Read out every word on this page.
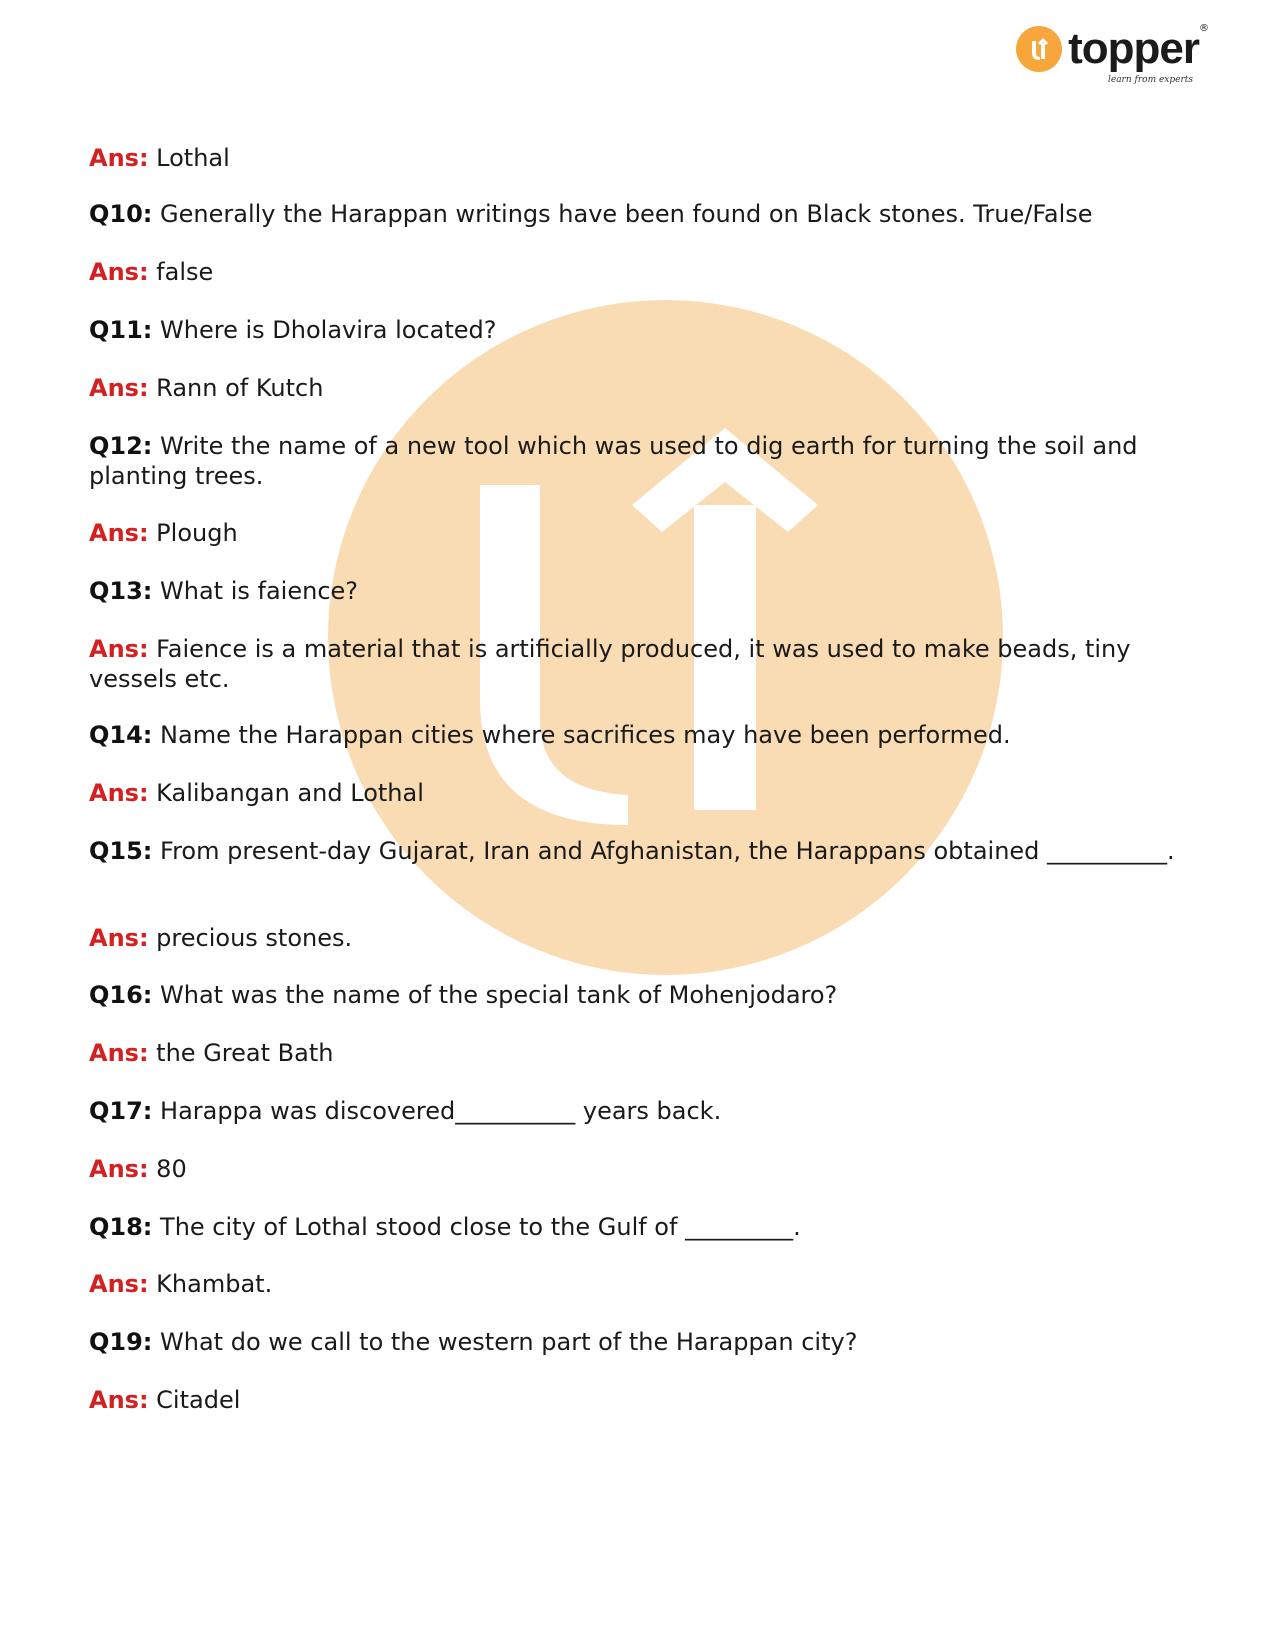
topper ®
learn from experts

Ans: Lothal

Q10: Generally the Harappan writings have been found on Black stones. True/False

Ans: false

Q11: Where is Dholavira located?

Ans: Rann of Kutch

Q12: Write the name of a new tool which was used to dig earth for turning the soil and planting trees.

Ans: Plough

Q13: What is faience?

Ans: Faience is a material that is artificially produced, it was used to make beads, tiny vessels etc.

Q14: Name the Harappan cities where sacrifices may have been performed.

Ans: Kalibangan and Lothal

Q15: From present-day Gujarat, Iran and Afghanistan, the Harappans obtained __________.

Ans: precious stones.

Q16: What was the name of the special tank of Mohenjodaro?

Ans: the Great Bath

Q17: Harappa was discovered__________ years back.

Ans: 80

Q18: The city of Lothal stood close to the Gulf of _________.

Ans: Khambat.

Q19: What do we call to the western part of the Harappan city?

Ans: Citadel
